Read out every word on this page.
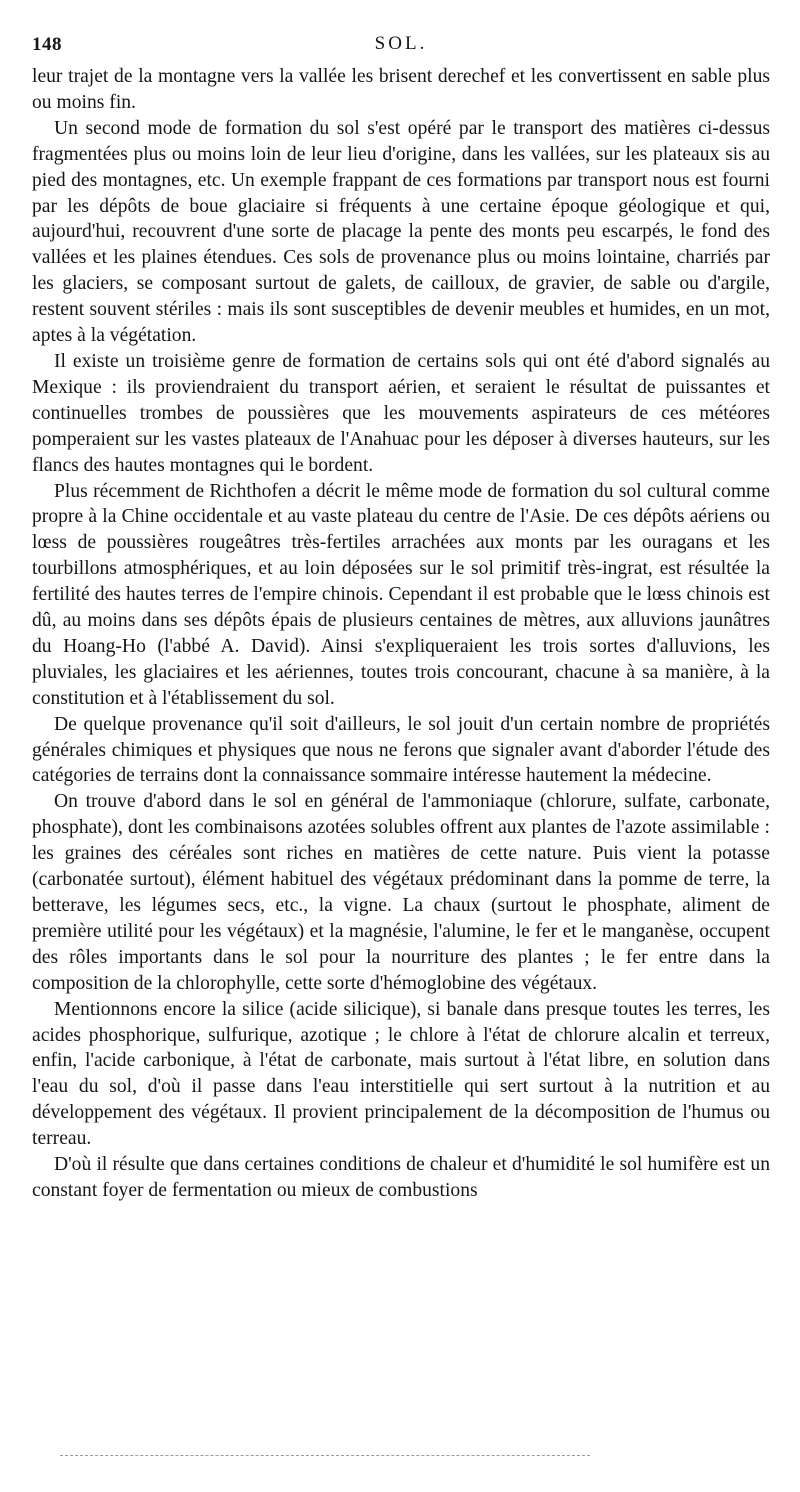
148	SOL.

leur trajet de la montagne vers la vallée les brisent derechef et les convertissent en sable plus ou moins fin.

Un second mode de formation du sol s'est opéré par le transport des matières ci-dessus fragmentées plus ou moins loin de leur lieu d'origine, dans les vallées, sur les plateaux sis au pied des montagnes, etc. Un exemple frappant de ces formations par transport nous est fourni par les dépôts de boue glaciaire si fréquents à une certaine époque géologique et qui, aujourd'hui, recouvrent d'une sorte de placage la pente des monts peu escarpés, le fond des vallées et les plaines étendues. Ces sols de provenance plus ou moins lointaine, charriés par les glaciers, se composant surtout de galets, de cailloux, de gravier, de sable ou d'argile, restent souvent stériles : mais ils sont susceptibles de devenir meubles et humides, en un mot, aptes à la végétation.

Il existe un troisième genre de formation de certains sols qui ont été d'abord signalés au Mexique : ils proviendraient du transport aérien, et seraient le résultat de puissantes et continuelles trombes de poussières que les mouvements aspirateurs de ces météores pomperaient sur les vastes plateaux de l'Anahuac pour les déposer à diverses hauteurs, sur les flancs des hautes montagnes qui le bordent.

Plus récemment de Richthofen a décrit le même mode de formation du sol cultural comme propre à la Chine occidentale et au vaste plateau du centre de l'Asie. De ces dépôts aériens ou lœss de poussières rougeâtres très-fertiles arrachées aux monts par les ouragans et les tourbillons atmosphériques, et au loin déposées sur le sol primitif très-ingrat, est résultée la fertilité des hautes terres de l'empire chinois. Cependant il est probable que le lœss chinois est dû, au moins dans ses dépôts épais de plusieurs centaines de mètres, aux alluvions jaunâtres du Hoang-Ho (l'abbé A. David). Ainsi s'expliqueraient les trois sortes d'alluvions, les pluviales, les glaciaires et les aériennes, toutes trois concourant, chacune à sa manière, à la constitution et à l'établissement du sol.

De quelque provenance qu'il soit d'ailleurs, le sol jouit d'un certain nombre de propriétés générales chimiques et physiques que nous ne ferons que signaler avant d'aborder l'étude des catégories de terrains dont la connaissance sommaire intéresse hautement la médecine.

On trouve d'abord dans le sol en général de l'ammoniaque (chlorure, sulfate, carbonate, phosphate), dont les combinaisons azotées solubles offrent aux plantes de l'azote assimilable : les graines des céréales sont riches en matières de cette nature. Puis vient la potasse (carbonatée surtout), élément habituel des végétaux prédominant dans la pomme de terre, la betterave, les légumes secs, etc., la vigne. La chaux (surtout le phosphate, aliment de première utilité pour les végétaux) et la magnésie, l'alumine, le fer et le manganèse, occupent des rôles importants dans le sol pour la nourriture des plantes ; le fer entre dans la composition de la chlorophylle, cette sorte d'hémoglobine des végétaux.

Mentionnons encore la silice (acide silicique), si banale dans presque toutes les terres, les acides phosphorique, sulfurique, azotique ; le chlore à l'état de chlorure alcalin et terreux, enfin, l'acide carbonique, à l'état de carbonate, mais surtout à l'état libre, en solution dans l'eau du sol, d'où il passe dans l'eau interstitielle qui sert surtout à la nutrition et au développement des végétaux. Il provient principalement de la décomposition de l'humus ou terreau.

D'où il résulte que dans certaines conditions de chaleur et d'humidité le sol humifère est un constant foyer de fermentation ou mieux de combustions
